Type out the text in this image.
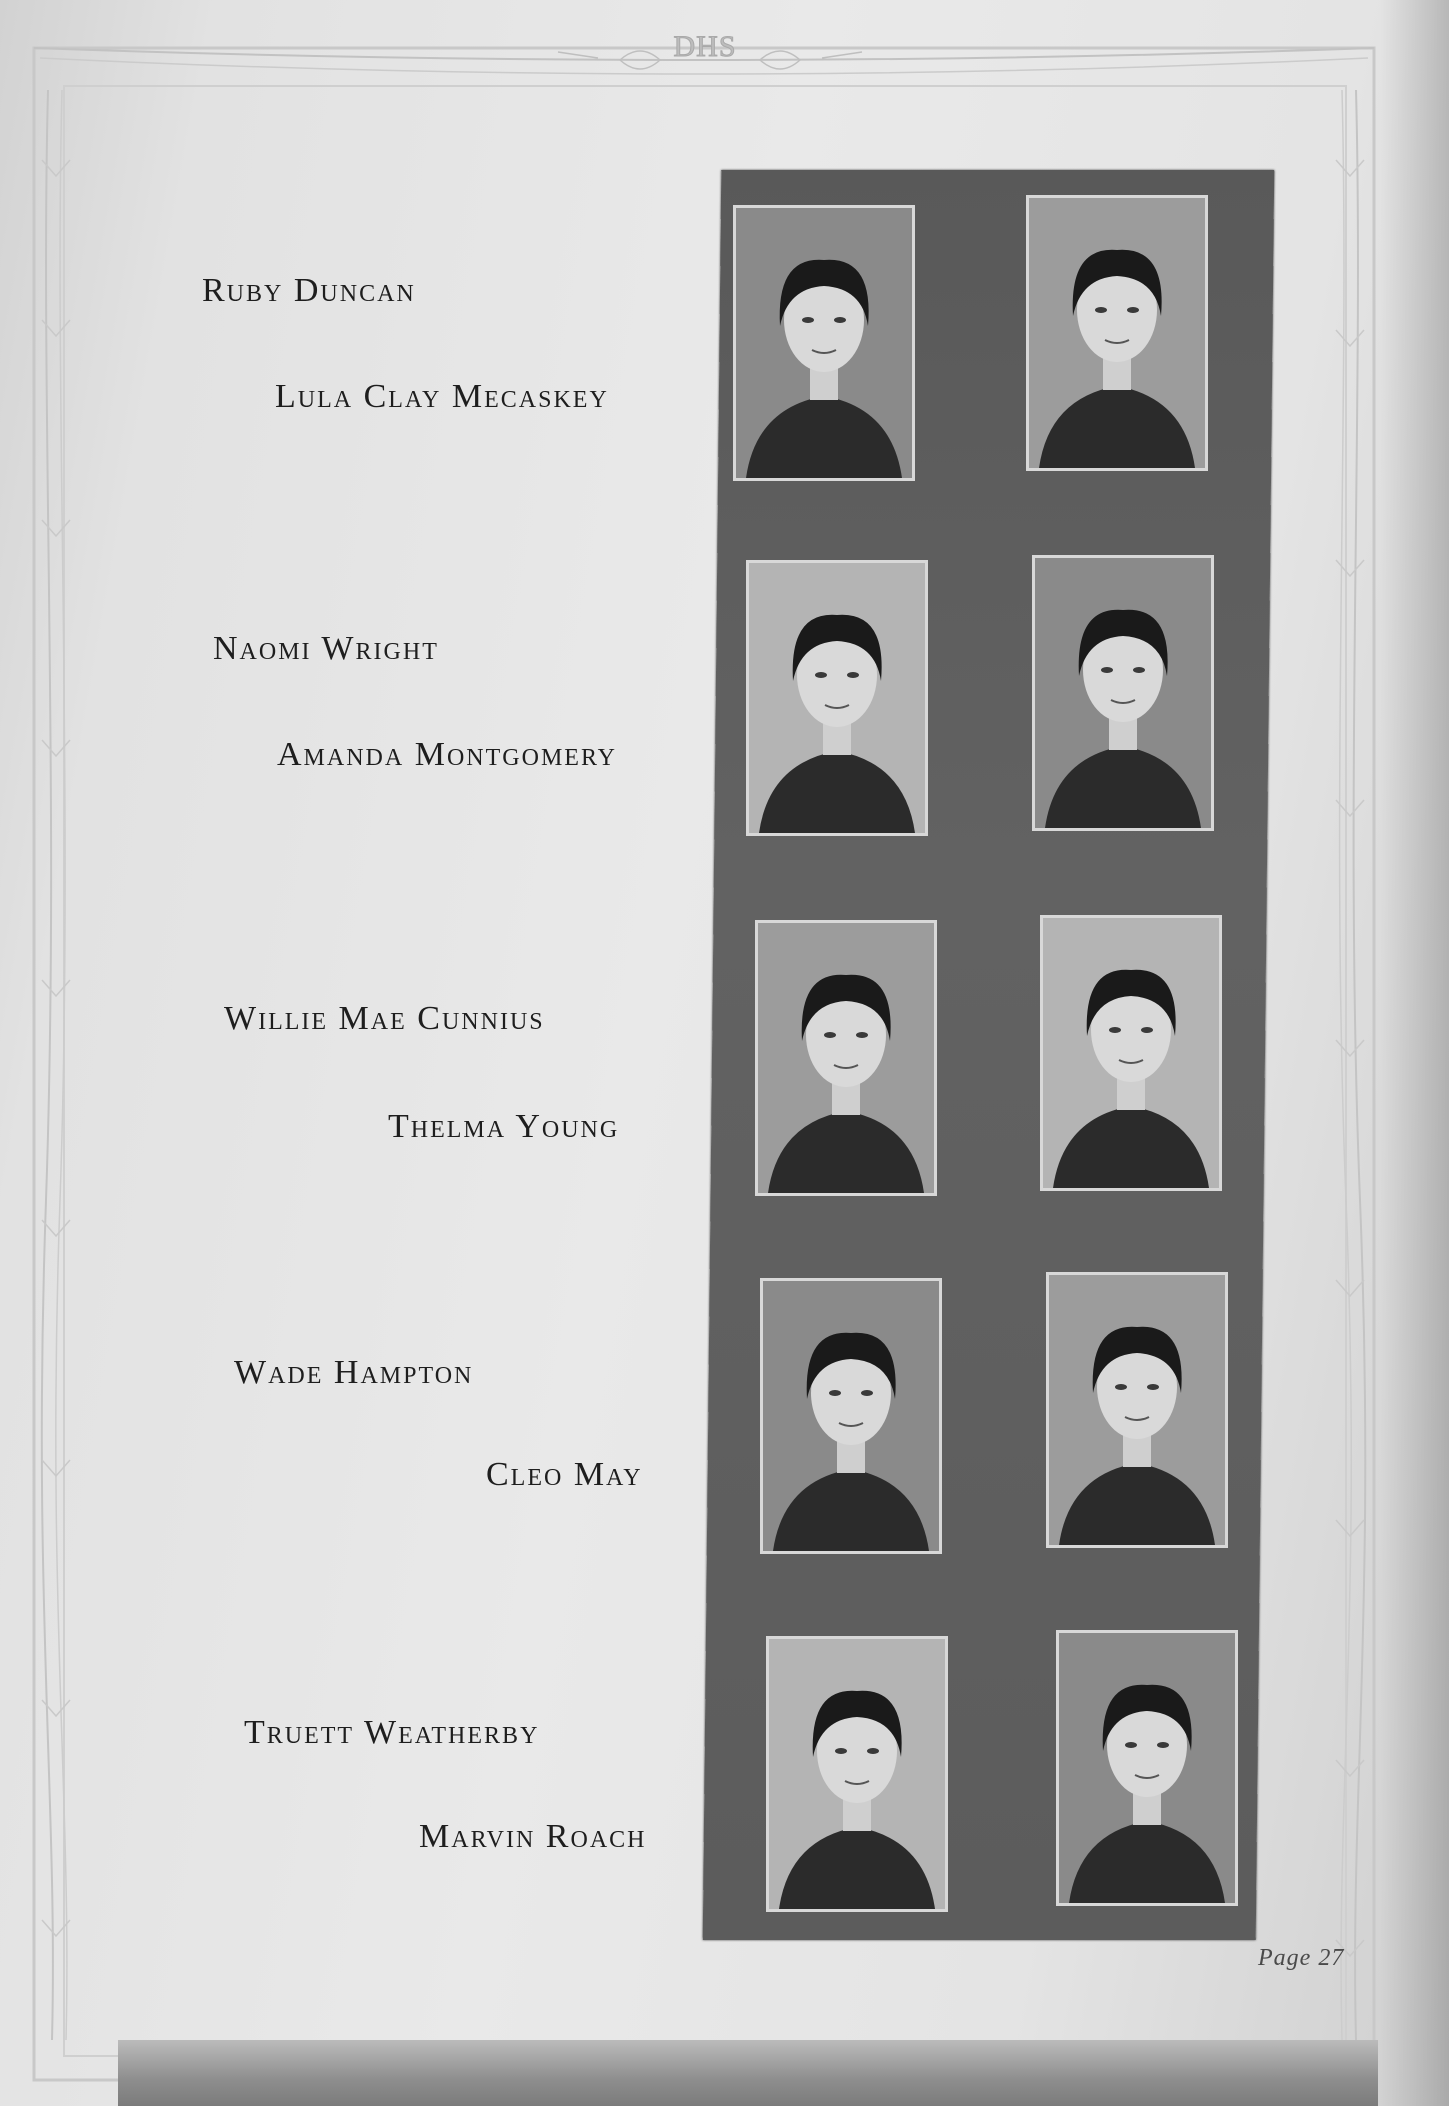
DHS
Ruby Duncan
Lula Clay Mecaskey
Naomi Wright
Amanda Montgomery
Willie Mae Cunnius
Thelma Young
Wade Hampton
Cleo May
Truett Weatherby
Marvin Roach
Page 27
